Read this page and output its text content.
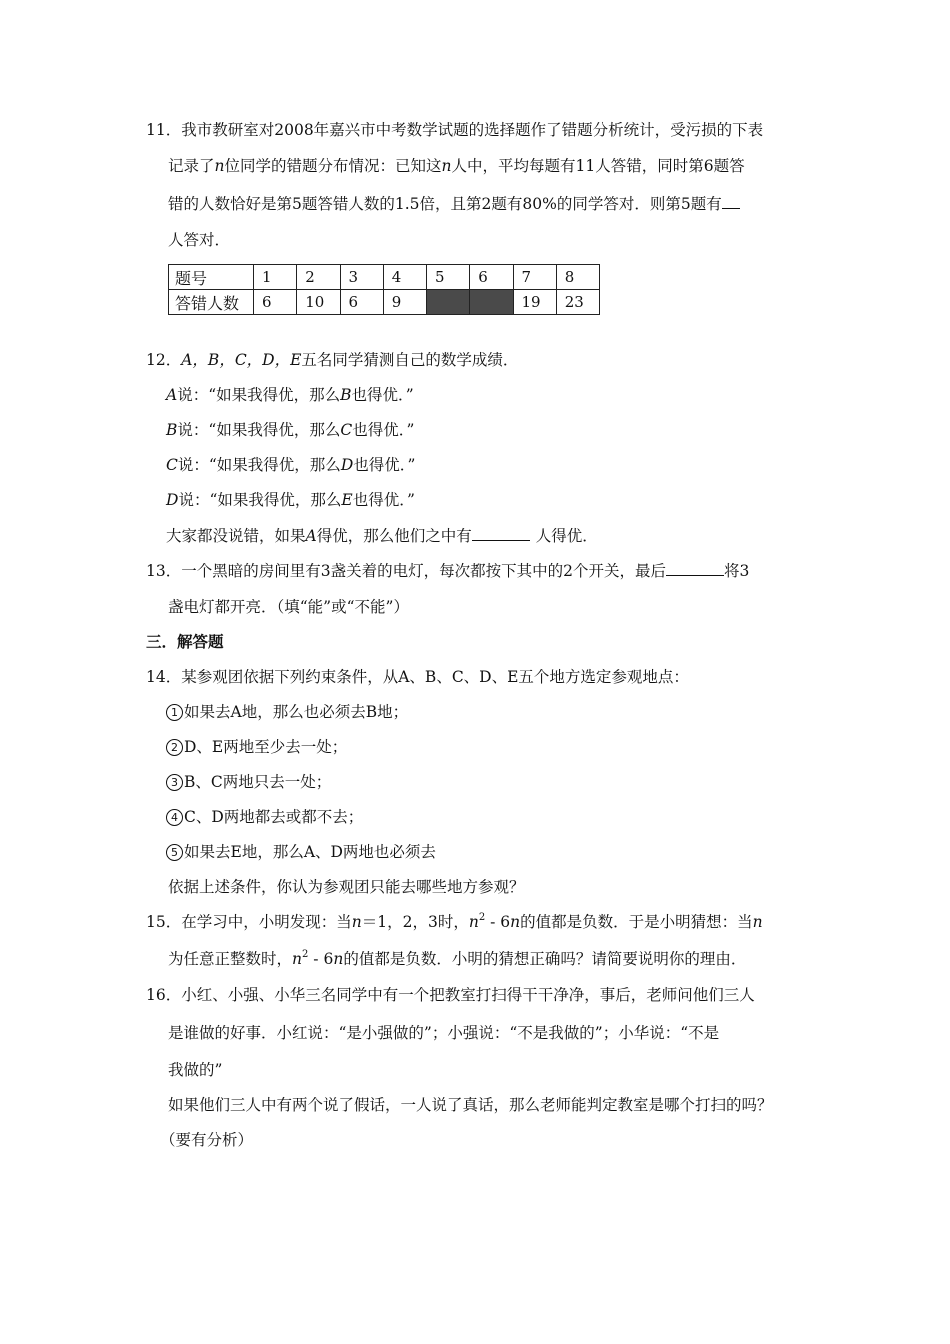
11．我市教研室对2008年嘉兴市中考数学试题的选择题作了错题分析统计，受污损的下表
记录了n位同学的错题分布情况：已知这n人中，平均每题有11人答错，同时第6题答
错的人数恰好是第5题答错人数的1.5倍，且第2题有80%的同学答对．则第5题有
人答对．
题号	1	2	3	4	5	6	7	8
答错人数	6	10	6	9			19	23
12．A，B，C，D，E五名同学猜测自己的数学成绩．
A说：“如果我得优，那么B也得优．”
B说：“如果我得优，那么C也得优．”
C说：“如果我得优，那么D也得优．”
D说：“如果我得优，那么E也得优．”
大家都没说错，如果A得优，那么他们之中有	人得优．
13．一个黑暗的房间里有3盏关着的电灯，每次都按下其中的2个开关，最后	将3
盏电灯都开亮．（填“能”或“不能”）
三．解答题
14．某参观团依据下列约束条件，从A、B、C、D、E五个地方选定参观地点：
1 如果去A地，那么也必须去B地；
2 D、E两地至少去一处；
3 B、C两地只去一处；
4 C、D两地都去或都不去；
5 如果去E地，那么A、D两地也必须去
依据上述条件，你认为参观团只能去哪些地方参观？
15．在学习中，小明发现：当n＝1，2，3时，$n^2 - 6n$的值都是负数．于是小明猜想：当n
为任意正整数时，$n^2 - 6n$的值都是负数．小明的猜想正确吗？请简要说明你的理由．
16．小红、小强、小华三名同学中有一个把教室打扫得干干净净，事后，老师问他们三人
是谁做的好事．小红说：“是小强做的”；小强说：“不是我做的”；小华说：“不是
我做的”
如果他们三人中有两个说了假话，一人说了真话，那么老师能判定教室是哪个打扫的吗？
（要有分析）
